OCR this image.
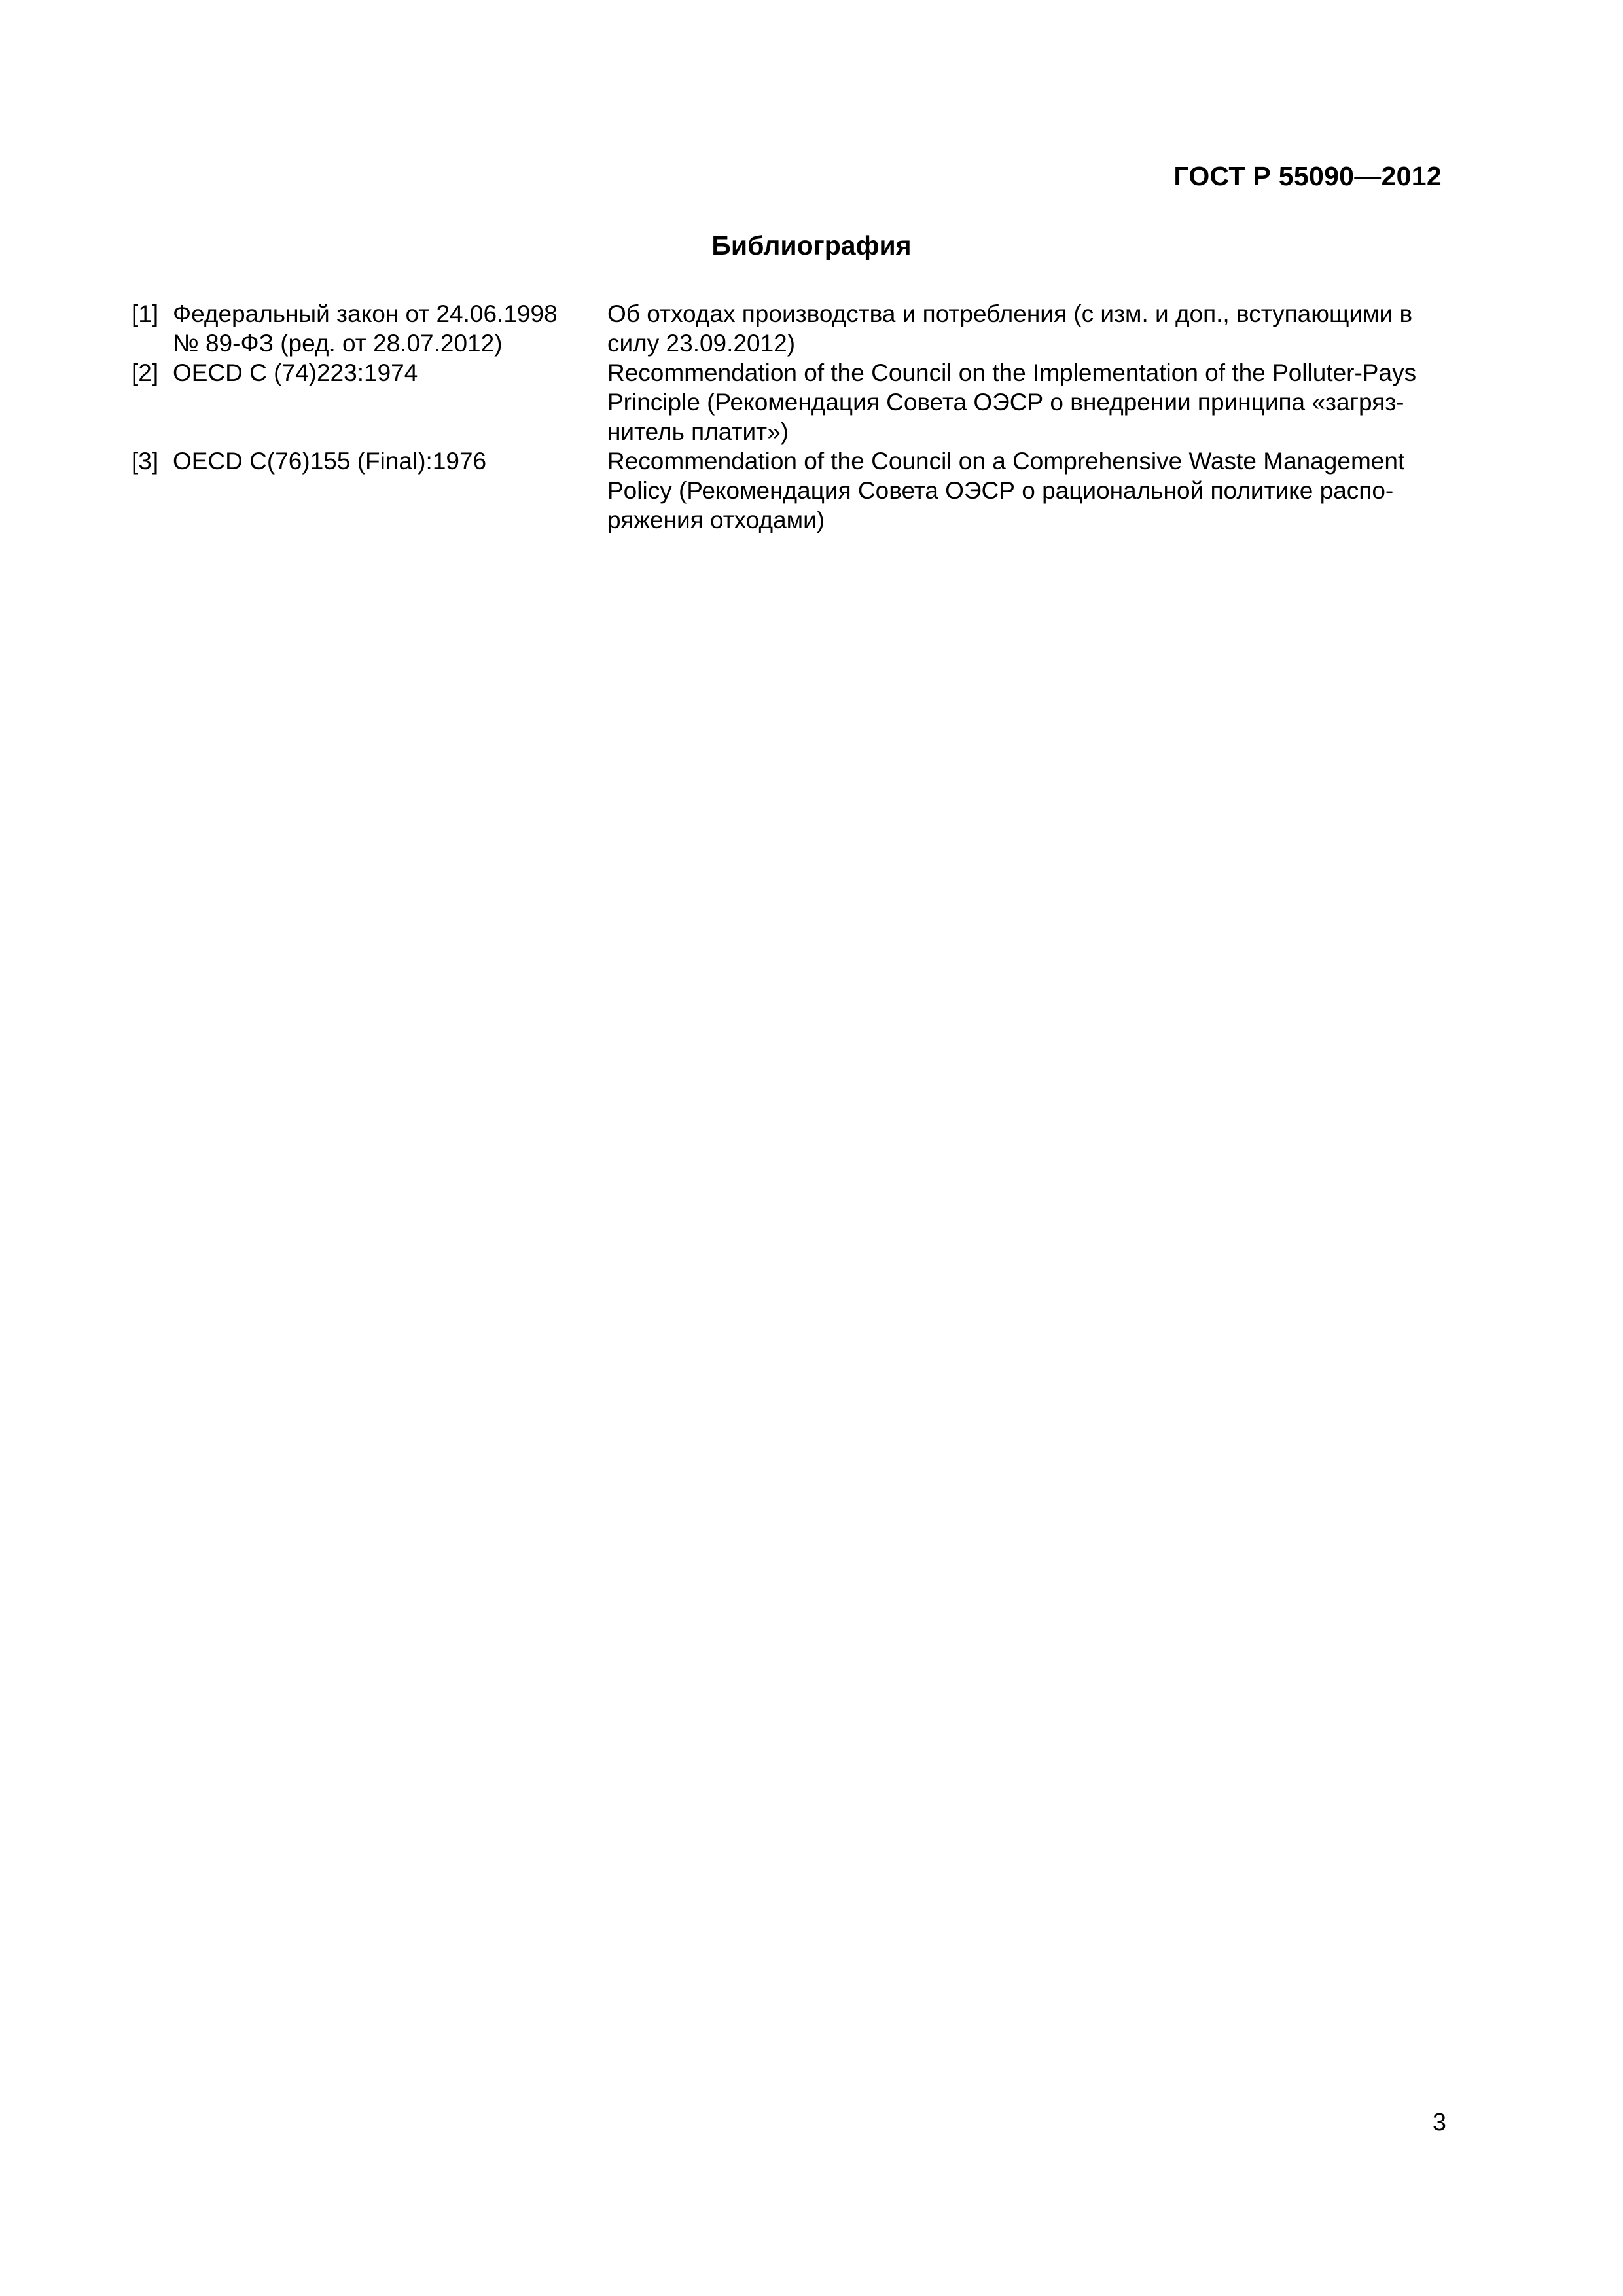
ГОСТ Р 55090—2012
Библиография
[1] Федеральный закон от 24.06.1998
№ 89-ФЗ (ред. от 28.07.2012)
Об отходах производства и потребления (с изм. и доп., вступающими в
силу 23.09.2012)
[2] OECD C (74)223:1974	Recommendation of the Council on the Implementation of the Polluter-Pays
Principle (Рекомендация Совета ОЭСР о внедрении принципа «загряз-
нитель платит»)
[3] OECD C(76)155 (Final):1976	Recommendation of the Council on a Comprehensive Waste Management
Policy (Рекомендация Совета ОЭСР о рациональной политике распо-
ряжения отходами)
3
